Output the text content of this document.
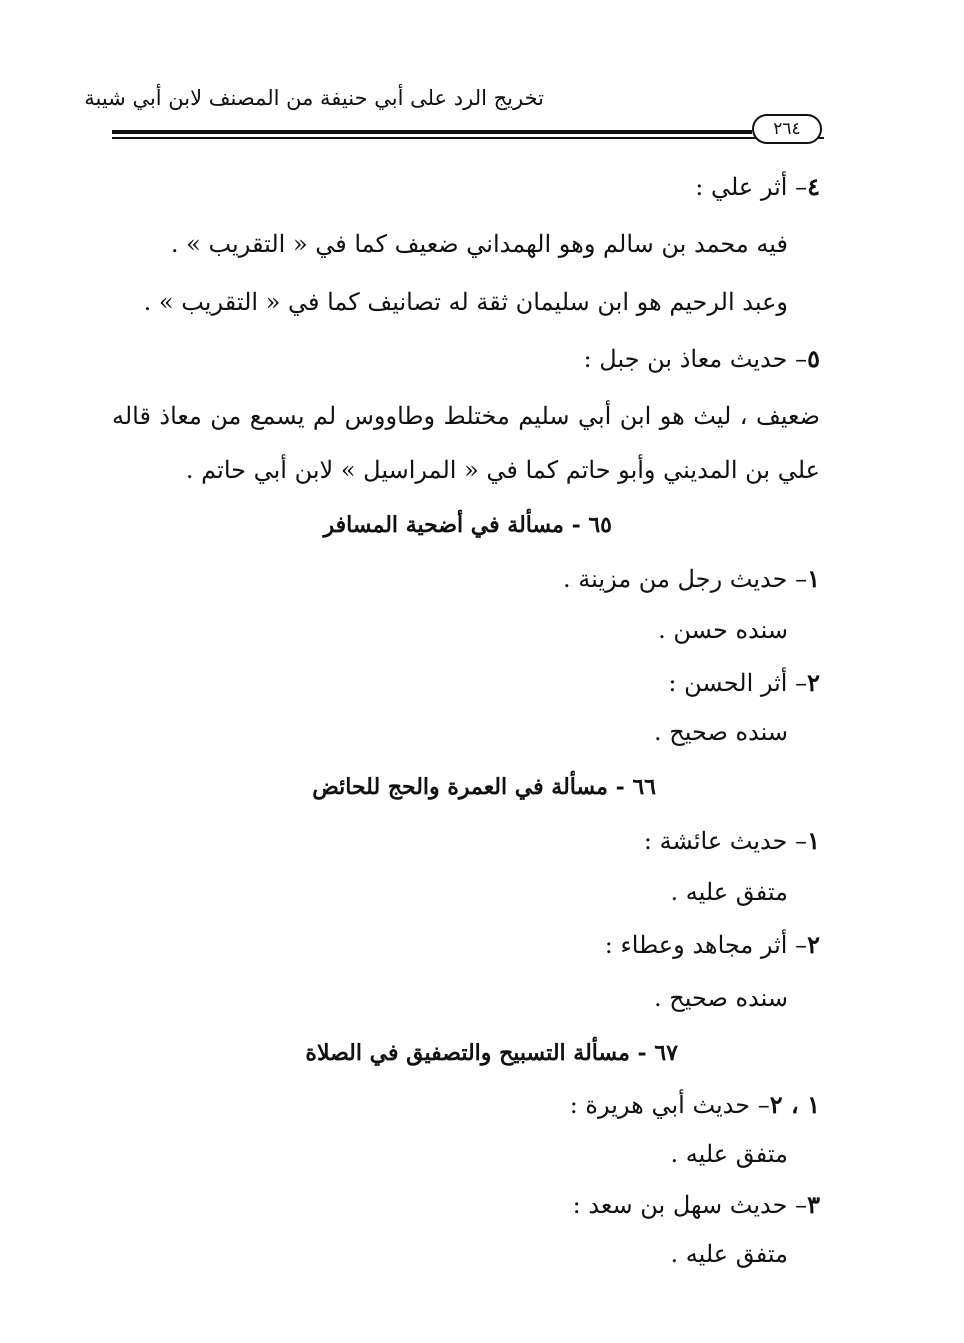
تخريج الرد على أبي حنيفة من المصنف لابن أبي شيبة
٢٦٤
٤– أثر علي :
فيه محمد بن سالم وهو الهمداني ضعيف كما في « التقريب » .
وعبد الرحيم هو ابن سليمان ثقة له تصانيف كما في « التقريب » .
٥– حديث معاذ بن جبل :
ضعيف ، ليث هو ابن أبي سليم مختلط وطاووس لم يسمع من معاذ قاله
علي بن المديني وأبو حاتم كما في « المراسيل » لابن أبي حاتم .
٦٥ - مسألة في أضحية المسافر
١– حديث رجل من مزينة .
سنده حسن .
٢– أثر الحسن :
سنده صحيح .
٦٦ - مسألة في العمرة والحج للحائض
١– حديث عائشة :
متفق عليه .
٢– أثر مجاهد وعطاء :
سنده صحيح .
٦٧ - مسألة التسبيح والتصفيق في الصلاة
١ ، ٢– حديث أبي هريرة :
متفق عليه .
٣– حديث سهل بن سعد :
متفق عليه .
